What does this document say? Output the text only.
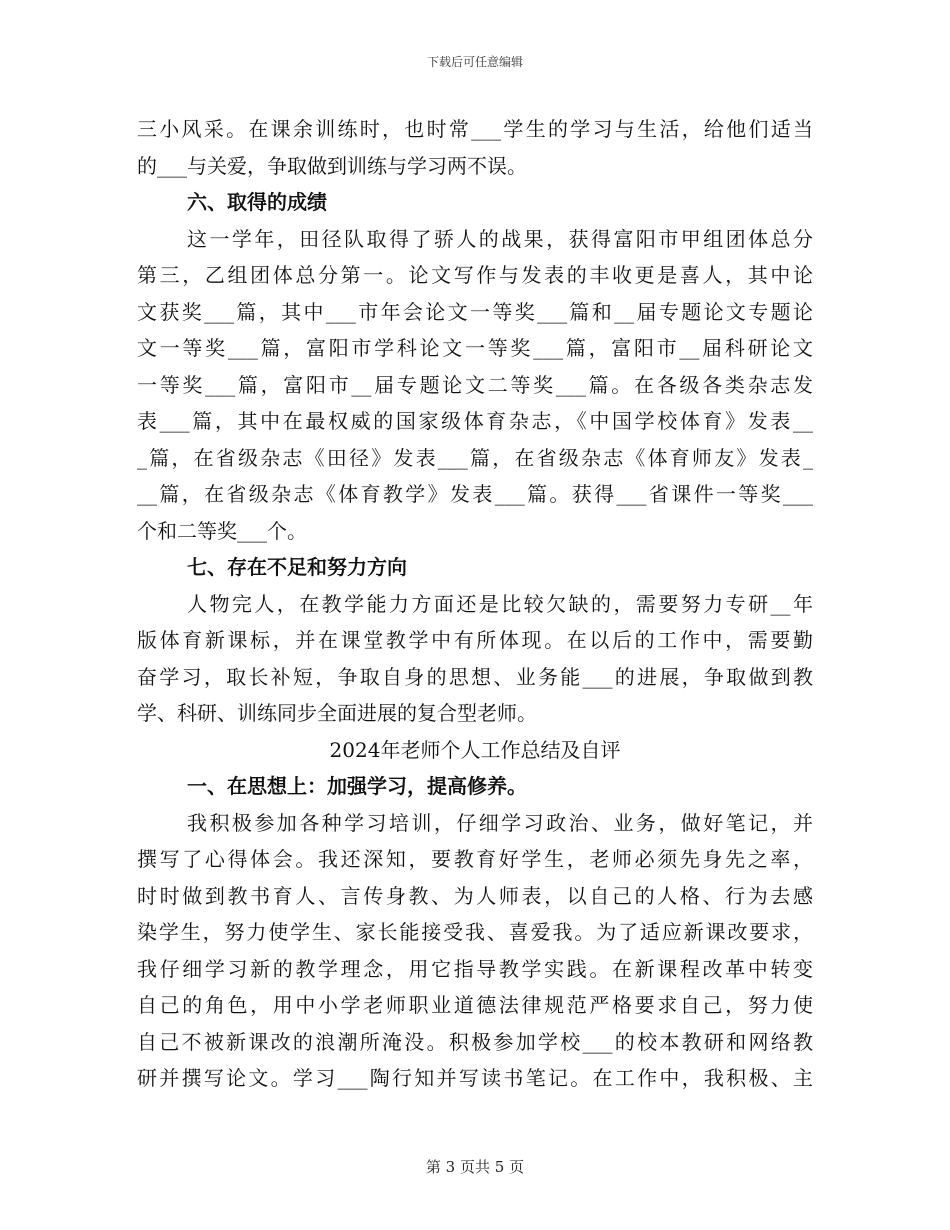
下载后可任意编辑
三小风采。在课余训练时，也时常___学生的学习与生活，给他们适当
的___与关爱，争取做到训练与学习两不误。
六、取得的成绩
这一学年，田径队取得了骄人的战果，获得富阳市甲组团体总分
第三，乙组团体总分第一。论文写作与发表的丰收更是喜人，其中论
文获奖___篇，其中___市年会论文一等奖___篇和__届专题论文专题论
文一等奖___篇，富阳市学科论文一等奖___篇，富阳市__届科研论文
一等奖___篇，富阳市__届专题论文二等奖___篇。在各级各类杂志发
表___篇，其中在最权威的国家级体育杂志，《中国学校体育》发表__
_篇，在省级杂志《田径》发表___篇，在省级杂志《体育师友》发表_
__篇，在省级杂志《体育教学》发表___篇。获得___省课件一等奖___
个和二等奖___个。
七、存在不足和努力方向
人物完人，在教学能力方面还是比较欠缺的，需要努力专研__年
版体育新课标，并在课堂教学中有所体现。在以后的工作中，需要勤
奋学习，取长补短，争取自身的思想、业务能___的进展，争取做到教
学、科研、训练同步全面进展的复合型老师。
2024年老师个人工作总结及自评
一、在思想上：加强学习，提高修养。
我积极参加各种学习培训，仔细学习政治、业务，做好笔记，并
撰写了心得体会。我还深知，要教育好学生，老师必须先身先之率，
时时做到教书育人、言传身教、为人师表，以自己的人格、行为去感
染学生，努力使学生、家长能接受我、喜爱我。为了适应新课改要求，
我仔细学习新的教学理念，用它指导教学实践。在新课程改革中转变
自己的角色，用中小学老师职业道德法律规范严格要求自己，努力使
自己不被新课改的浪潮所淹没。积极参加学校___的校本教研和网络教
研并撰写论文。学习___陶行知并写读书笔记。在工作中，我积极、主
第 3 页共 5 页
